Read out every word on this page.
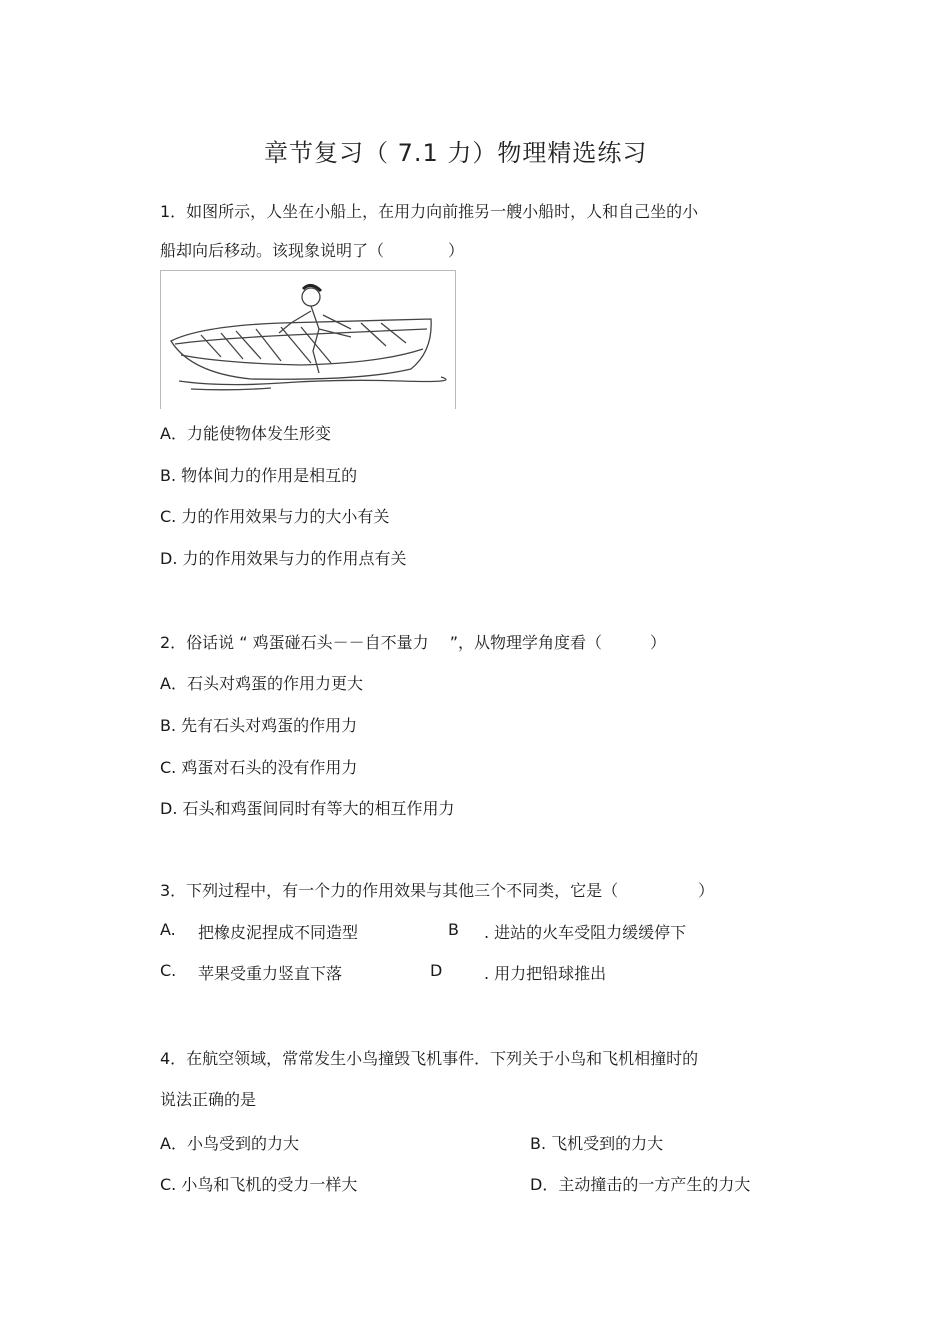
章节复习（ 7.1 力）物理精选练习
1．如图所示，人坐在小船上，在用力向前推另一艘小船时，人和自己坐的小
船却向后移动。该现象说明了（　　　　）
A．力能使物体发生形变
B. 物体间力的作用是相互的
C. 力的作用效果与力的大小有关
D. 力的作用效果与力的作用点有关
2．俗话说 “ 鸡蛋碰石头－－自不量力　 ”，从物理学角度看（　　　）
A．石头对鸡蛋的作用力更大
B. 先有石头对鸡蛋的作用力
C. 鸡蛋对石头的没有作用力
D. 石头和鸡蛋间同时有等大的相互作用力
3．下列过程中，有一个力的作用效果与其他三个不同类，它是（　　　　　）
A. 把橡皮泥捏成不同造型	B . 进站的火车受阻力缓缓停下
C. 苹果受重力竖直下落	D	. 用力把铅球推出
4．在航空领域，常常发生小鸟撞毁飞机事件．下列关于小鸟和飞机相撞时的
说法正确的是
A．小鸟受到的力大	B. 飞机受到的力大
C. 小鸟和飞机的受力一样大	D．主动撞击的一方产生的力大
